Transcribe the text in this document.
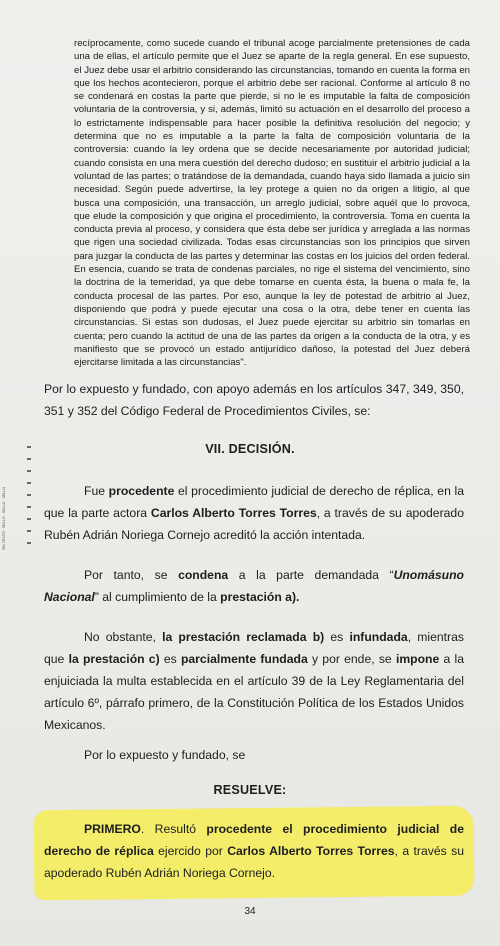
SIN TEXTO · SELLO · SELLO · SELLO

recíprocamente, como sucede cuando el tribunal acoge parcialmente pretensiones de cada una de ellas, el artículo permite que el Juez se aparte de la regla general. En ese supuesto, el Juez debe usar el arbitrio considerando las circunstancias, tomando en cuenta la forma en que los hechos acontecieron, porque el arbitrio debe ser racional. Conforme al artículo 8 no se condenará en costas la parte que pierde, si no le es imputable la falta de composición voluntaria de la controversia, y si, además, limitó su actuación en el desarrollo del proceso a lo estrictamente indispensable para hacer posible la definitiva resolución del negocio; y determina que no es imputable a la parte la falta de composición voluntaria de la controversia: cuando la ley ordena que se decide necesariamente por autoridad judicial; cuando consista en una mera cuestión del derecho dudoso; en sustituir el arbitrio judicial a la voluntad de las partes; o tratándose de la demandada, cuando haya sido llamada a juicio sin necesidad. Según puede advertirse, la ley protege a quien no da origen a litigio, al que busca una composición, una transacción, un arreglo judicial, sobre aquél que lo provoca, que elude la composición y que origina el procedimiento, la controversia. Toma en cuenta la conducta previa al proceso, y considera que ésta debe ser jurídica y arreglada a las normas que rigen una sociedad civilizada. Todas esas circunstancias son los principios que sirven para juzgar la conducta de las partes y determinar las costas en los juicios del orden federal. En esencia, cuando se trata de condenas parciales, no rige el sistema del vencimiento, sino la doctrina de la temeridad, ya que debe tomarse en cuenta ésta, la buena o mala fe, la conducta procesal de las partes. Por eso, aunque la ley de potestad de arbitrio al Juez, disponiendo que podrá y puede ejecutar una cosa o la otra, debe tener en cuenta las circunstancias. Si estas son dudosas, el Juez puede ejercitar su arbitrio sin tomarlas en cuenta; pero cuando la actitud de una de las partes da origen a la conducta de la otra, y es manifiesto que se provocó un estado antijurídico dañoso, la potestad del Juez deberá ejercitarse limitada a las circunstancias".

Por lo expuesto y fundado, con apoyo además en los artículos 347, 349, 350, 351 y 352 del Código Federal de Procedimientos Civiles, se:

VII. DECISIÓN.

Fue procedente el procedimiento judicial de derecho de réplica, en la que la parte actora Carlos Alberto Torres Torres, a través de su apoderado Rubén Adrián Noriega Cornejo acreditó la acción intentada.

Por tanto, se condena a la parte demandada “Unomásuno Nacional” al cumplimiento de la prestación a).

No obstante, la prestación reclamada b) es infundada, mientras que la prestación c) es parcialmente fundada y por ende, se impone a la enjuiciada la multa establecida en el artículo 39 de la Ley Reglamentaria del artículo 6º, párrafo primero, de la Constitución Política de los Estados Unidos Mexicanos.

Por lo expuesto y fundado, se

RESUELVE:

PRIMERO. Resultó procedente el procedimiento judicial de derecho de réplica ejercido por Carlos Alberto Torres Torres, a través su apoderado Rubén Adrián Noriega Cornejo.

34
